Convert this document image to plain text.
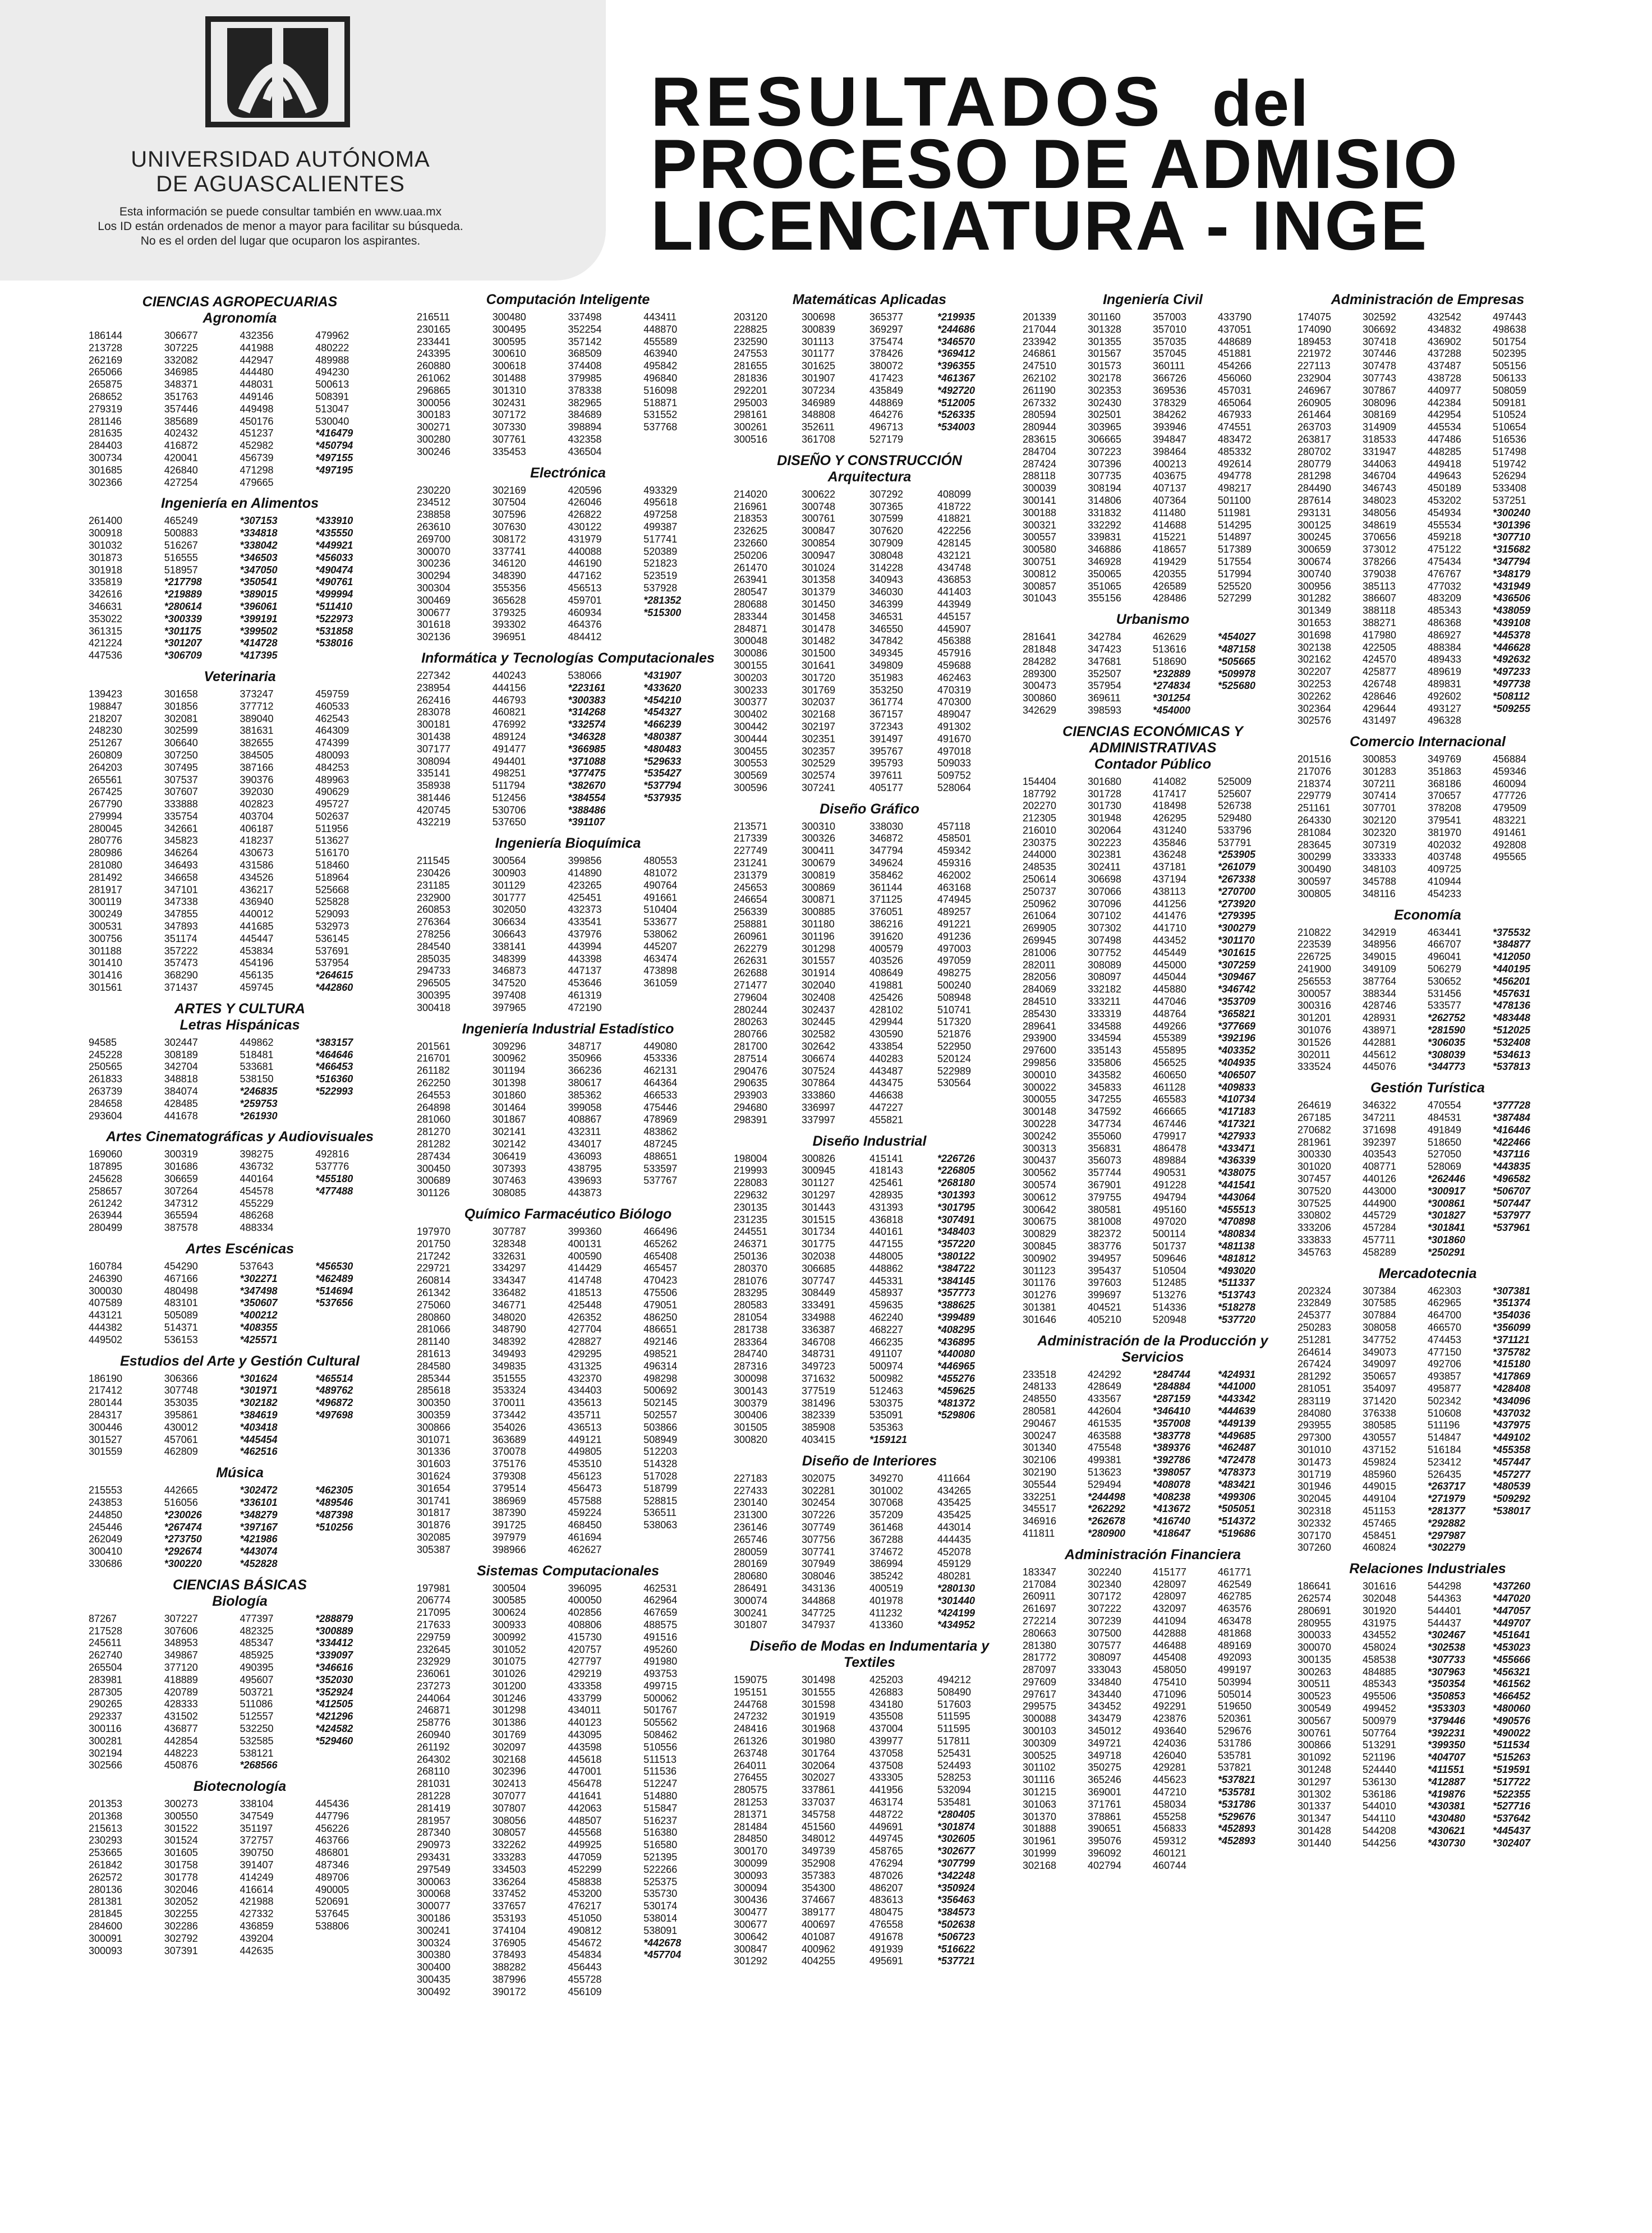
UNIVERSIDAD AUTÓNOMA
DE AGUASCALIENTES
Esta información se puede consultar también en www.uaa.mx
Los ID están ordenados de menor a mayor para facilitar su búsqueda.
No es el orden del lugar que ocuparon los aspirantes.
RESULTADOS del
PROCESO DE ADMISIO
LICENCIATURA - INGE
CIENCIAS AGROPECUARIAS
Agronomía
186144
213728
262169
265066
265875
268652
279319
281146
281635
284403
300734
301685
302366
306677
307225
332082
346985
348371
351763
357446
385689
402432
416872
420041
426840
427254
432356
441988
442947
444480
448031
449146
449498
450176
451237
452982
456739
471298
479665
479962
480222
489988
494230
500613
508391
513047
530040
*416479
*450794
*497155
*497195
Ingeniería en Alimentos
261400
300918
301032
301873
301918
335819
342616
346631
353022
361315
421224
447536
465249
500883
516267
516555
518957
*217798
*219889
*280614
*300339
*301175
*301207
*306709
*307153
*334818
*338042
*346503
*347050
*350541
*389015
*396061
*399191
*399502
*414728
*417395
*433910
*435550
*449921
*456033
*490474
*490761
*499994
*511410
*522973
*531858
*538016
Veterinaria
139423
198847
218207
248230
251267
260809
264203
265561
267425
267790
279994
280045
280776
280986
281080
281492
281917
300119
300249
300531
300756
301188
301410
301416
301561
301658
301856
302081
302599
306640
307250
307495
307537
307607
333888
335754
342661
345823
346264
346493
346658
347101
347338
347855
347893
351174
357222
357473
368290
371437
373247
377712
389040
381631
382655
384505
387166
390376
392030
402823
403704
406187
418237
430673
431586
434526
436217
436940
440012
441685
445447
453834
454196
456135
459745
459759
460533
462543
464309
474399
480093
484253
489963
490629
495727
502637
511956
513627
516170
518460
518964
525668
525828
529093
532973
536145
537691
537954
*264615
*442860
ARTES Y CULTURA
Letras Hispánicas
94585
245228
250565
261833
263739
284658
293604
302447
308189
342704
348818
384074
428485
441678
449862
518481
533681
538150
*246835
*259753
*261930
*383157
*464646
*466453
*516360
*522993
Artes Cinematográficas y Audiovisuales
169060
187895
245628
258657
261242
263944
280499
300319
301686
306659
307264
347312
365594
387578
398275
436732
440164
454578
455229
486268
488334
492816
537776
*455180
*477488
Artes Escénicas
160784
246390
300030
407589
443121
444382
449502
454290
467166
480498
483101
505089
514371
536153
537643
*302271
*347498
*350607
*400212
*408355
*425571
*456530
*462489
*514694
*537656
Estudios del Arte y Gestión Cultural
186190
217412
280144
284317
300446
301527
301559
306366
307748
353035
395861
430012
457061
462809
*301624
*301971
*302182
*384619
*403418
*445454
*462516
*465514
*489762
*496872
*497698
Música
215553
243853
244850
245446
262049
300410
330686
442665
516056
*230026
*267474
*273750
*292674
*300220
*302472
*336101
*348279
*397167
*421986
*443074
*452828
*462305
*489546
*487398
*510256
CIENCIAS BÁSICAS
Biología
87267
217528
245611
262740
265504
283981
287305
290265
292337
300116
300281
302194
302566
307227
307606
348953
349867
377120
418889
420789
428333
431502
436877
442854
448223
450876
477397
482325
485347
485925
490395
495607
503721
511086
512557
532250
532585
538121
*268566
*288879
*300889
*334412
*339097
*346616
*352030
*352924
*412505
*421296
*424582
*529460
Biotecnología
201353
201368
215613
230293
253665
261842
262572
280136
281381
281845
284600
300091
300093
300273
300550
301522
301524
301605
301758
301778
302046
302052
302255
302286
302792
307391
338104
347549
351197
372757
390750
391407
414249
416614
421988
427332
436859
439204
442635
445436
447796
456226
463766
486801
487346
489706
490005
520691
537645
538806
Computación Inteligente
216511
230165
233441
243395
260880
261062
296865
300056
300183
300271
300280
300246
300480
300495
300595
300610
300618
301488
301310
302431
307172
307330
307761
335453
337498
352254
357142
368509
374408
379985
378338
382965
384689
398894
432358
436504
443411
448870
455589
463940
495842
496840
516098
518871
531552
537768
Electrónica
230220
234512
238858
263610
269700
300070
300236
300294
300304
300469
300677
301618
302136
302169
307504
307596
307630
308172
337741
346120
348390
355356
365628
379325
393302
396951
420596
426046
426822
430122
431979
440088
446190
447162
456513
459701
460934
464376
484412
493329
495618
497258
499387
517741
520389
521823
523519
537928
*281352
*515300
Informática y Tecnologías Computacionales
227342
238954
262416
283078
300181
301438
307177
308094
335141
358938
381446
420745
432219
440243
444156
446793
460821
476992
489124
491477
494401
498251
511794
512456
530706
537650
538066
*223161
*300383
*314268
*332574
*346328
*366985
*371088
*377475
*382670
*384554
*388486
*391107
*431907
*433620
*454210
*454327
*466239
*480387
*480483
*529633
*535427
*537794
*537935
Ingeniería Bioquímica
211545
230426
231185
232900
260853
276364
278256
284540
285035
294733
296505
300395
300418
300564
300903
301129
301777
302050
306634
306643
338141
348399
346873
347520
397408
397965
399856
414890
423265
425451
432373
433541
437976
443994
443398
447137
453646
461319
472190
480553
481072
490764
491661
510404
533677
538062
445207
463474
473898
361059
Ingeniería Industrial Estadístico
201561
216701
261182
262250
264553
264898
281060
281270
281282
287434
300450
300689
301126
309296
300962
301194
301398
301860
301464
301867
302141
302142
306419
307393
307463
308085
348717
350966
366236
380617
385362
399058
408867
432311
434017
436093
438795
439693
443873
449080
453336
462131
464364
466533
475446
478969
483862
487245
488651
533597
537767
Químico Farmacéutico Biólogo
197970
201750
217242
229721
260814
261342
275060
280860
281066
281140
281613
284580
285344
285618
300350
300359
300866
301071
301336
301603
301624
301654
301741
301817
301876
302085
305387
307787
328348
332631
334297
334347
336482
346771
348020
348790
348392
349493
349835
351555
353324
370011
373442
354026
363689
370078
375176
379308
379514
386969
387390
391725
397979
398966
399360
400131
400590
414429
414748
418513
425448
426352
427704
428827
429295
431325
432370
434403
435613
435711
436513
449121
449805
453510
456123
456473
457588
459224
468450
461694
462627
466496
465262
465408
465457
470423
475506
479051
486250
486651
492146
498521
496314
498298
500692
502145
502557
503866
508949
512203
514328
517028
518799
528815
536511
538063
Sistemas Computacionales
197981
206774
217095
217633
229759
232645
232929
236061
237273
244064
246871
258776
260940
261192
264302
268110
281031
281228
281419
281957
287340
290973
293431
297549
300063
300068
300077
300186
300241
300324
300380
300400
300435
300492
300504
300585
300624
300933
300992
301052
301075
301026
301200
301246
301298
301386
301769
302097
302168
302396
302413
307077
307807
308056
308057
332262
333283
334503
336264
337452
337657
353193
374104
376905
378493
388282
387996
390172
396095
400050
402856
408806
415730
420757
427797
429219
433358
433799
434011
440123
443095
443598
445618
447001
456478
441641
442063
448507
445568
449925
447059
452299
458838
453200
476217
451050
490812
454672
454834
456443
455728
456109
462531
462964
467659
488575
491516
495260
491980
493753
499715
500062
501767
505562
508462
510556
511513
511536
512247
514880
515847
516237
516380
516580
521395
522266
525375
535730
530174
538014
538091
*442678
*457704
Matemáticas Aplicadas
203120
228825
232590
247553
281655
281836
292201
295003
298161
300261
300516
300698
300839
301113
301177
301625
301907
307234
346989
348808
352611
361708
365377
369297
375474
378426
380072
417423
435849
448869
464276
496713
527179
*219935
*244686
*346570
*369412
*396355
*461367
*492720
*512005
*526335
*534003
DISEÑO Y CONSTRUCCIÓN
Arquitectura
214020
216961
218353
232625
232660
250206
261470
263941
280547
280688
283344
284871
300048
300086
300155
300203
300233
300377
300402
300442
300444
300455
300553
300569
300596
300622
300748
300761
300847
300854
300947
301024
301358
301379
301450
301458
301478
301482
301500
301641
301720
301769
302037
302168
302197
302351
302357
302529
302574
307241
307292
307365
307599
307620
307909
308048
314228
340943
346030
346399
346531
346550
347842
349345
349809
351983
353250
361774
367157
372343
391497
395767
395793
397611
405177
408099
418722
418821
422256
428145
432121
434748
436853
441403
443949
445157
445907
456388
457916
459688
462463
470319
470300
489047
491302
491670
497018
509033
509752
528064
Diseño Gráfico
213571
217339
227749
231241
231379
245653
246654
256339
258881
260961
262279
262631
262688
271477
279604
280244
280263
280766
281700
287514
290476
290635
293903
294680
298391
300310
300326
300411
300679
300819
300869
300871
300885
301180
301196
301298
301557
301914
302040
302408
302437
302445
302582
302642
306674
307524
307864
333860
336997
337997
338030
346872
347794
349624
358462
361144
371125
376051
386216
391620
400579
403526
408649
419881
425426
428102
429944
430590
433854
440283
443487
443475
446638
447227
455821
457118
458501
459342
459316
462002
463168
474945
489257
491221
491236
497003
497059
498275
500240
508948
510741
517320
521876
522950
520124
522989
530564
Diseño Industrial
198004
219993
228083
229632
230135
231235
244551
246371
250136
280370
281076
283295
280583
281054
281738
283364
284740
287316
300098
300143
300379
300406
301505
300820
300826
300945
301127
301297
301443
301515
301734
301775
302038
306685
307747
308449
333491
334988
336387
346708
348731
349723
371632
377519
381496
382339
385908
403415
415141
418143
425461
428935
431393
436818
440161
447155
448005
448862
445331
458937
459635
462240
468227
466235
491107
500974
500982
512463
530375
535091
535363
*159121
*226726
*226805
*268180
*301393
*301795
*307491
*348403
*357220
*380122
*384722
*384145
*357773
*388625
*399489
*408295
*436895
*440080
*446965
*455276
*459625
*481372
*529806
Diseño de Interiores
227183
227433
230140
231300
236146
265746
280059
280169
280680
286491
300074
300241
301807
302075
302281
302454
307226
307749
307756
307741
307949
308046
343136
344868
347725
347937
349270
301002
307068
357209
361468
367288
374672
386994
385242
400519
401978
411232
413360
411664
434265
435425
435425
443014
444435
452078
459129
480281
*280130
*301440
*424199
*434952
Diseño de Modas en Indumentaria y Textiles
159075
195151
244768
247232
248416
261326
263748
264011
276455
280575
281253
281371
281484
284850
300170
300099
300093
300094
300436
300477
300677
300642
300847
301292
301498
301555
301598
301919
301968
301980
301764
302064
302027
337861
337037
345758
451560
348012
349739
352908
357383
354300
374667
389177
400697
401087
400962
404255
425203
426883
434180
435508
437004
439977
437058
437508
433305
441956
463174
448722
449691
449745
458765
476294
487026
486207
483613
480475
476558
491678
491939
495691
494212
508490
517603
511595
511595
517811
525431
524493
528253
532094
535481
*280405
*301874
*302605
*302677
*307799
*342248
*350924
*356463
*384573
*502638
*506723
*516622
*537721
Ingeniería Civil
201339
217044
233942
246861
247510
262102
261190
267332
280594
280944
283615
284704
287424
288118
300039
300141
300188
300321
300557
300580
300751
300812
300857
301043
301160
301328
301355
301567
301573
302178
302353
302430
302501
303965
306665
307223
307396
307735
308194
314806
331832
332292
339831
346886
346928
350065
351065
355156
357003
357010
357035
357045
360111
366726
369536
378329
384262
393946
394847
398464
400213
403675
407137
407364
411480
414688
415221
418657
419429
420355
426589
428486
433790
437051
448689
451881
454266
456060
457031
465064
467933
474551
483472
485332
492614
494778
498217
501100
511981
514295
514897
517389
517554
517994
525520
527299
Urbanismo
281641
281848
284282
289300
300473
300860
342629
342784
347423
347681
352507
357954
369611
398593
462629
513616
518690
*232889
*274834
*301254
*454000
*454027
*487158
*505665
*509978
*525680
CIENCIAS ECONÓMICAS Y ADMINISTRATIVAS
Contador Público
154404
187792
202270
212305
216010
230375
244000
248535
250614
250737
250962
261064
269905
269945
281006
282011
282056
284069
284510
285430
289641
293900
297600
299856
300010
300022
300055
300148
300228
300242
300313
300437
300562
300574
300612
300642
300675
300829
300845
300902
301123
301176
301276
301381
301646
301680
301728
301730
301948
302064
302223
302381
302411
306698
307066
307096
307102
307302
307498
307752
308089
308097
332182
333211
333319
334588
334594
335143
335806
343582
345833
347255
347592
347734
355060
356831
356073
357744
367901
379755
380581
381008
382372
383776
394957
395437
397603
399697
404521
405210
414082
417417
418498
426295
431240
435846
436248
437181
437194
438113
441256
441476
441710
443452
445449
445000
445044
445880
447046
448764
449266
455389
455895
456525
460650
461128
465583
466665
467446
479917
486478
489884
490531
491228
494794
495160
497020
500114
501737
509646
510504
512485
513276
514336
520948
525009
525607
526738
529480
533796
537791
*253905
*261079
*267338
*270700
*273920
*279395
*300279
*301170
*301615
*307259
*309467
*346742
*353709
*365821
*377669
*392196
*403352
*404935
*406507
*409833
*410734
*417183
*417321
*427933
*433471
*436339
*438075
*441541
*443064
*455513
*470898
*480834
*481138
*481812
*493020
*511337
*513743
*518278
*537720
Administración de la Producción y Servicios
233518
248133
248550
280581
290467
300247
301340
302106
302190
305544
332251
345517
346916
411811
424292
428649
433567
442604
461535
463588
475548
499381
513623
529494
*244498
*262292
*262678
*280900
*284744
*284884
*287159
*346410
*357008
*383778
*389376
*392786
*398057
*408078
*408238
*413672
*416740
*418647
*424931
*441000
*443342
*444639
*449139
*449685
*462487
*472478
*478373
*483421
*499306
*505051
*514372
*519686
Administración Financiera
183347
217084
260911
261697
272214
280663
281380
281772
287097
297609
297617
299575
300088
300103
300309
300525
301102
301116
301215
301063
301370
301888
301961
301999
302168
302240
302340
307172
307222
307239
307500
307577
308097
333043
334840
343440
343452
343479
345012
349721
349718
350275
365246
369001
371761
378861
390651
395076
396092
402794
415177
428097
428097
432097
441094
442888
446488
445408
458050
475410
471096
492291
423876
493640
424036
426040
429281
445623
447210
458034
455258
456833
459312
460121
460744
461771
462549
462785
463576
463478
481868
489169
492093
499197
503994
505014
519650
520361
529676
531786
535781
537821
*537821
*535781
*531786
*529676
*452893
*452893
Administración de Empresas
174075
174090
189453
221972
227113
232904
246967
260905
261464
263703
263817
280702
280779
281298
284490
287614
293131
300125
300245
300659
300674
300740
300956
301282
301349
301653
301698
302138
302162
302207
302253
302262
302364
302576
302592
306692
307418
307446
307478
307743
307867
308096
308169
314909
318533
331947
344063
346704
346743
348023
348056
348619
370656
373012
378266
379038
385113
386607
388118
388271
417980
422505
424570
425877
426748
428646
429644
431497
432542
434832
436902
437288
437487
438728
440977
442384
442954
445534
447486
448285
449418
449643
450189
453202
454934
455534
459218
475122
475434
476767
477032
483209
485343
486368
486927
488384
489433
489619
489831
492602
493127
496328
497443
498638
501754
502395
505156
506133
508059
509181
510524
510654
516536
517498
519742
526294
533408
537251
*300240
*301396
*307710
*315682
*347794
*348179
*431949
*436506
*438059
*439108
*445378
*446628
*492632
*497233
*497738
*508112
*509255
Comercio Internacional
201516
217076
218374
229779
251161
264330
281084
283645
300299
300490
300597
300805
300853
301283
307211
307414
307701
302120
302320
307319
333333
348103
345788
348116
349769
351863
368186
370657
378208
379541
381970
402032
403748
409725
410944
454233
456884
459346
460094
477726
479509
483221
491461
492808
495565
Economía
210822
223539
226725
241900
256553
300057
300316
301201
301076
301526
302011
333524
342919
348956
349015
349109
387764
388344
428746
428931
438971
442881
445612
445076
463441
466707
496041
506279
530652
531456
533577
*262752
*281590
*306035
*308039
*344773
*375532
*384877
*412050
*440195
*456201
*457631
*478136
*483448
*512025
*532408
*534613
*537813
Gestión Turística
264619
267185
270682
281961
300330
301020
307457
307520
307525
330802
333206
333833
345763
346322
347211
371698
392397
403543
408771
440126
443000
444900
445729
457284
457711
458289
470554
484531
491849
518650
527050
528069
*262446
*300917
*300861
*301827
*301841
*301860
*250291
*377728
*387484
*416446
*422466
*437116
*443835
*496582
*506707
*507447
*537977
*537961
Mercadotecnia
202324
232849
245377
250283
251281
264614
267424
281292
281051
283119
284080
293955
297300
301010
301473
301719
301946
302045
302318
302332
307170
307260
307384
307585
307884
308058
347752
349073
349097
350657
354097
371420
376338
380585
430557
437152
459824
485960
449015
449104
451153
457465
458451
460824
462303
462965
464700
466570
474453
477150
492706
493857
495877
502342
510608
511196
514847
516184
523412
526435
*263717
*271979
*281377
*292882
*297987
*302279
*307381
*351374
*354036
*356099
*371121
*375782
*415180
*417869
*428408
*434096
*437032
*437975
*449102
*455358
*457447
*457277
*480539
*509292
*538017
Relaciones Industriales
186641
262574
280691
280955
300033
300070
300135
300263
300511
300523
300549
300567
300761
300866
301092
301248
301297
301302
301337
301347
301428
301440
301616
302048
301920
431975
434552
458024
458538
484885
485343
495506
499452
500979
507764
513291
521196
524440
536130
536186
544010
544110
544208
544256
544298
544363
544401
544437
*302467
*302538
*307733
*307963
*350354
*350853
*353303
*379446
*392231
*399350
*404707
*411551
*412887
*419876
*430381
*430480
*430621
*430730
*437260
*447020
*447057
*449707
*451641
*453023
*455666
*456321
*461562
*466452
*480060
*490576
*490022
*511534
*515263
*519591
*517722
*522355
*527716
*537642
*445437
*302407
